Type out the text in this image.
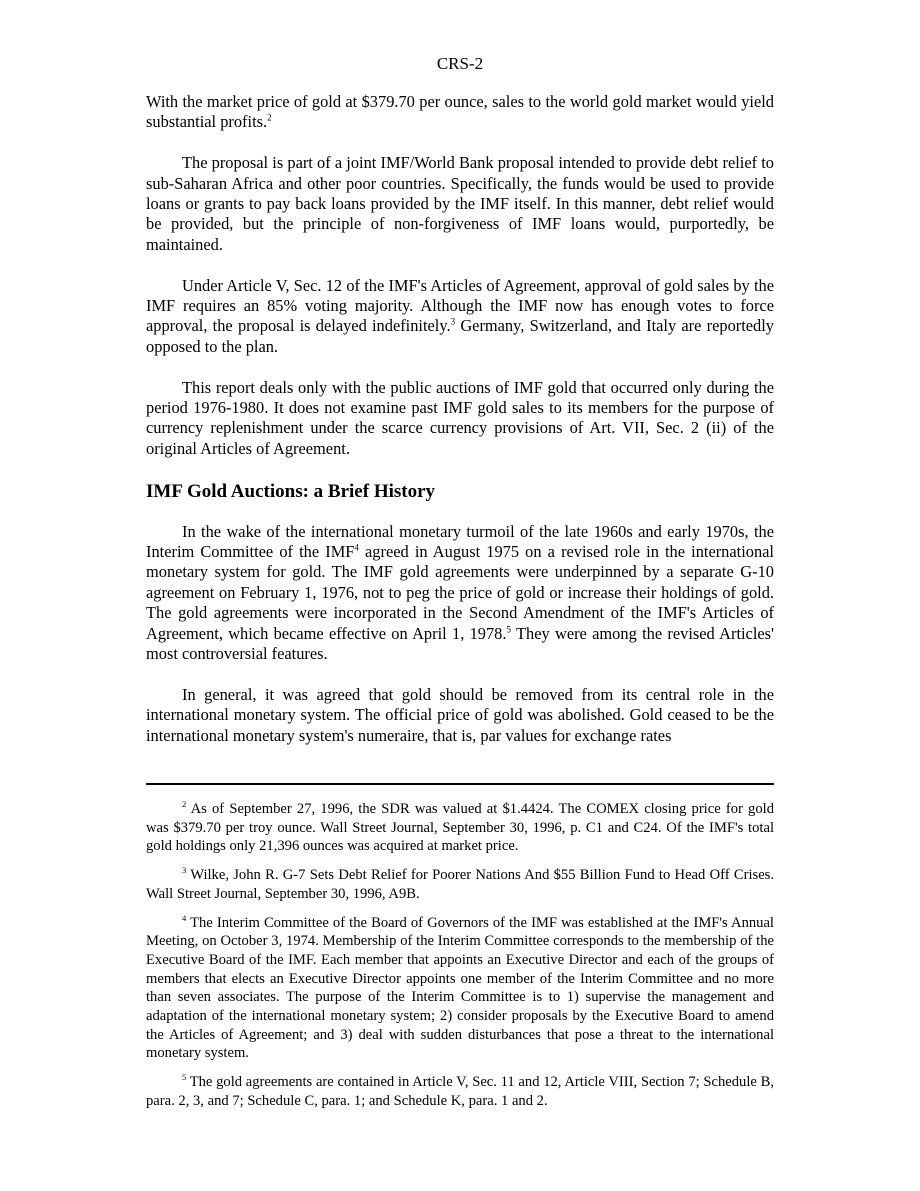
CRS-2

With the market price of gold at $379.70 per ounce, sales to the world gold market would yield substantial profits.$^2$

The proposal is part of a joint IMF/World Bank proposal intended to provide debt relief to sub-Saharan Africa and other poor countries. Specifically, the funds would be used to provide loans or grants to pay back loans provided by the IMF itself. In this manner, debt relief would be provided, but the principle of non-forgiveness of IMF loans would, purportedly, be maintained.

Under Article V, Sec. 12 of the IMF's Articles of Agreement, approval of gold sales by the IMF requires an 85% voting majority. Although the IMF now has enough votes to force approval, the proposal is delayed indefinitely.$^3$ Germany, Switzerland, and Italy are reportedly opposed to the plan.

This report deals only with the public auctions of IMF gold that occurred only during the period 1976-1980. It does not examine past IMF gold sales to its members for the purpose of currency replenishment under the scarce currency provisions of Art. VII, Sec. 2 (ii) of the original Articles of Agreement.

IMF Gold Auctions: a Brief History

In the wake of the international monetary turmoil of the late 1960s and early 1970s, the Interim Committee of the IMF$^4$ agreed in August 1975 on a revised role in the international monetary system for gold. The IMF gold agreements were underpinned by a separate G-10 agreement on February 1, 1976, not to peg the price of gold or increase their holdings of gold. The gold agreements were incorporated in the Second Amendment of the IMF's Articles of Agreement, which became effective on April 1, 1978.$^5$ They were among the revised Articles' most controversial features.

In general, it was agreed that gold should be removed from its central role in the international monetary system. The official price of gold was abolished. Gold ceased to be the international monetary system's numeraire, that is, par values for exchange rates

$^2$ As of September 27, 1996, the SDR was valued at $1.4424. The COMEX closing price for gold was $379.70 per troy ounce. Wall Street Journal, September 30, 1996, p. C1 and C24. Of the IMF's total gold holdings only 21,396 ounces was acquired at market price.

$^3$ Wilke, John R. G-7 Sets Debt Relief for Poorer Nations And $55 Billion Fund to Head Off Crises. Wall Street Journal, September 30, 1996, A9B.

$^4$ The Interim Committee of the Board of Governors of the IMF was established at the IMF's Annual Meeting, on October 3, 1974. Membership of the Interim Committee corresponds to the membership of the Executive Board of the IMF. Each member that appoints an Executive Director and each of the groups of members that elects an Executive Director appoints one member of the Interim Committee and no more than seven associates. The purpose of the Interim Committee is to 1) supervise the management and adaptation of the international monetary system; 2) consider proposals by the Executive Board to amend the Articles of Agreement; and 3) deal with sudden disturbances that pose a threat to the international monetary system.

$^5$ The gold agreements are contained in Article V, Sec. 11 and 12, Article VIII, Section 7; Schedule B, para. 2, 3, and 7; Schedule C, para. 1; and Schedule K, para. 1 and 2.
